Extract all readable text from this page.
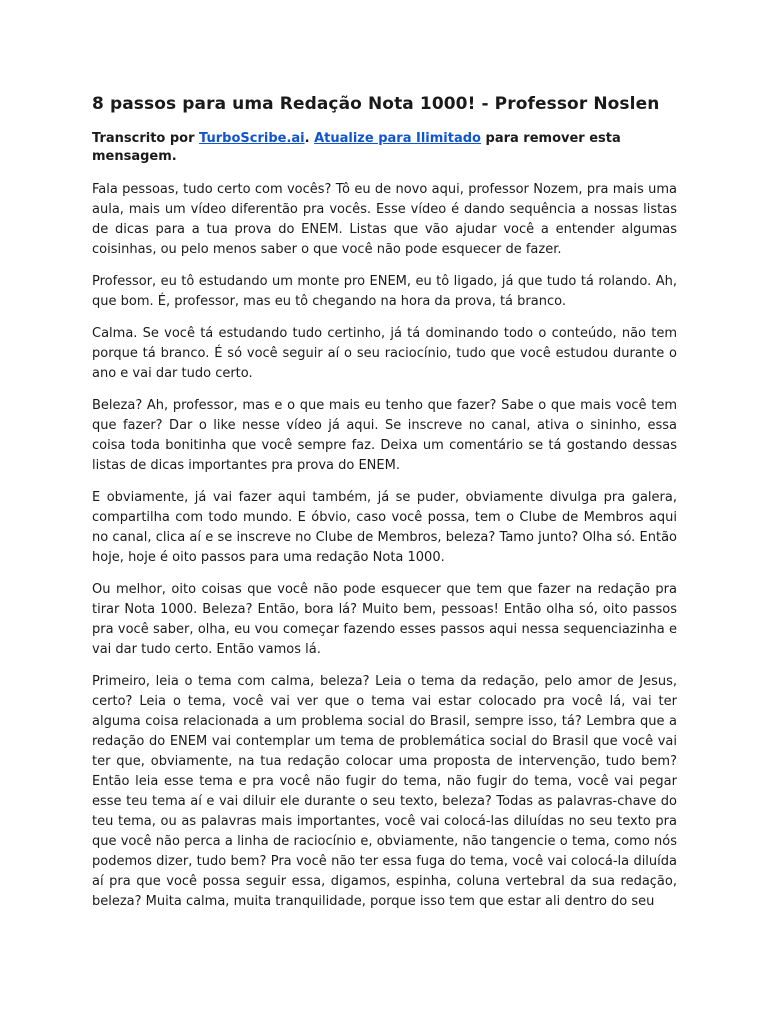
8 passos para uma Redação Nota 1000! - Professor Noslen

Transcrito por TurboScribe.ai. Atualize para Ilimitado para remover esta mensagem.

Fala pessoas, tudo certo com vocês? Tô eu de novo aqui, professor Nozem, pra mais uma aula, mais um vídeo diferentão pra vocês. Esse vídeo é dando sequência a nossas listas de dicas para a tua prova do ENEM. Listas que vão ajudar você a entender algumas coisinhas, ou pelo menos saber o que você não pode esquecer de fazer.

Professor, eu tô estudando um monte pro ENEM, eu tô ligado, já que tudo tá rolando. Ah, que bom. É, professor, mas eu tô chegando na hora da prova, tá branco.

Calma. Se você tá estudando tudo certinho, já tá dominando todo o conteúdo, não tem porque tá branco. É só você seguir aí o seu raciocínio, tudo que você estudou durante o ano e vai dar tudo certo.

Beleza? Ah, professor, mas e o que mais eu tenho que fazer? Sabe o que mais você tem que fazer? Dar o like nesse vídeo já aqui. Se inscreve no canal, ativa o sininho, essa coisa toda bonitinha que você sempre faz. Deixa um comentário se tá gostando dessas listas de dicas importantes pra prova do ENEM.

E obviamente, já vai fazer aqui também, já se puder, obviamente divulga pra galera, compartilha com todo mundo. E óbvio, caso você possa, tem o Clube de Membros aqui no canal, clica aí e se inscreve no Clube de Membros, beleza? Tamo junto? Olha só. Então hoje, hoje é oito passos para uma redação Nota 1000.

Ou melhor, oito coisas que você não pode esquecer que tem que fazer na redação pra tirar Nota 1000. Beleza? Então, bora lá? Muito bem, pessoas! Então olha só, oito passos pra você saber, olha, eu vou começar fazendo esses passos aqui nessa sequenciazinha e vai dar tudo certo. Então vamos lá.

Primeiro, leia o tema com calma, beleza? Leia o tema da redação, pelo amor de Jesus, certo? Leia o tema, você vai ver que o tema vai estar colocado pra você lá, vai ter alguma coisa relacionada a um problema social do Brasil, sempre isso, tá? Lembra que a redação do ENEM vai contemplar um tema de problemática social do Brasil que você vai ter que, obviamente, na tua redação colocar uma proposta de intervenção, tudo bem? Então leia esse tema e pra você não fugir do tema, não fugir do tema, você vai pegar esse teu tema aí e vai diluir ele durante o seu texto, beleza? Todas as palavras-chave do teu tema, ou as palavras mais importantes, você vai colocá-las diluídas no seu texto pra que você não perca a linha de raciocínio e, obviamente, não tangencie o tema, como nós podemos dizer, tudo bem? Pra você não ter essa fuga do tema, você vai colocá-la diluída aí pra que você possa seguir essa, digamos, espinha, coluna vertebral da sua redação, beleza? Muita calma, muita tranquilidade, porque isso tem que estar ali dentro do seu
